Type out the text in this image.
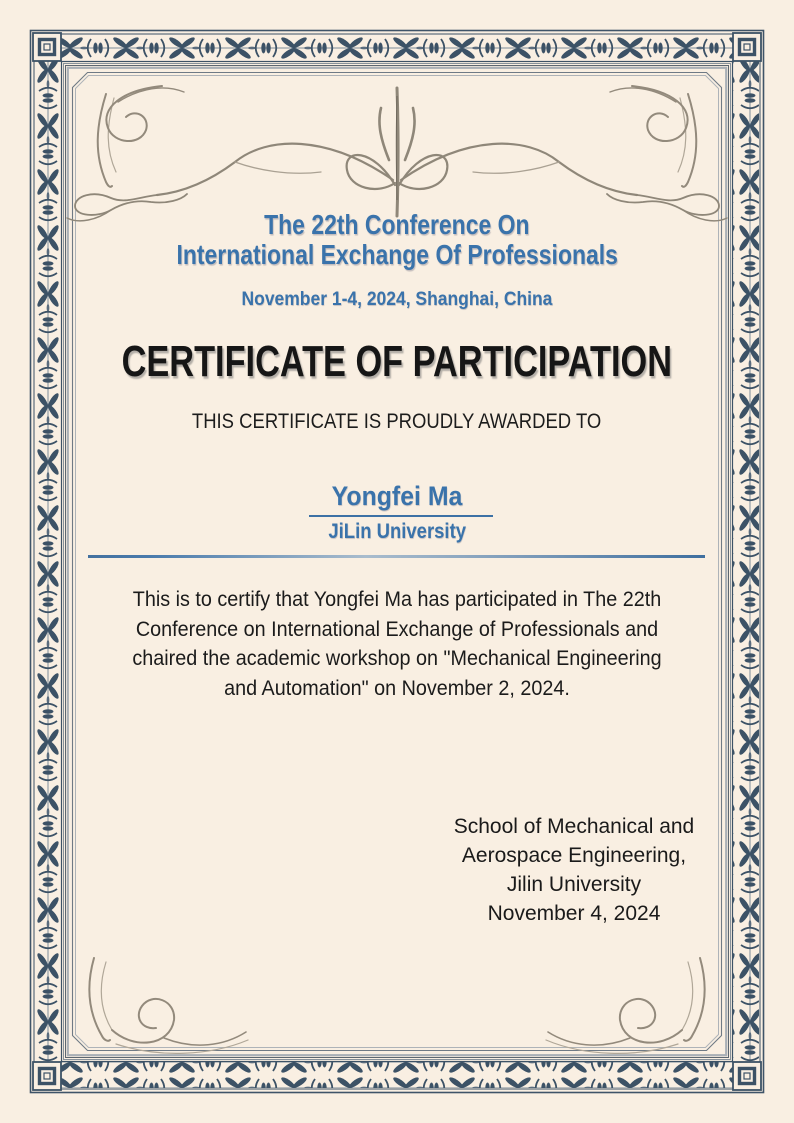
The 22th Conference On
International Exchange Of Professionals
November 1-4, 2024, Shanghai, China
CERTIFICATE OF PARTICIPATION
THIS CERTIFICATE IS PROUDLY AWARDED TO
Yongfei Ma
JiLin University
This is to certify that Yongfei Ma has participated in The 22th
Conference on International Exchange of Professionals and
chaired the academic workshop on "Mechanical Engineering
and Automation" on November 2, 2024.
School of Mechanical and
Aerospace Engineering,
Jilin University
November 4, 2024
